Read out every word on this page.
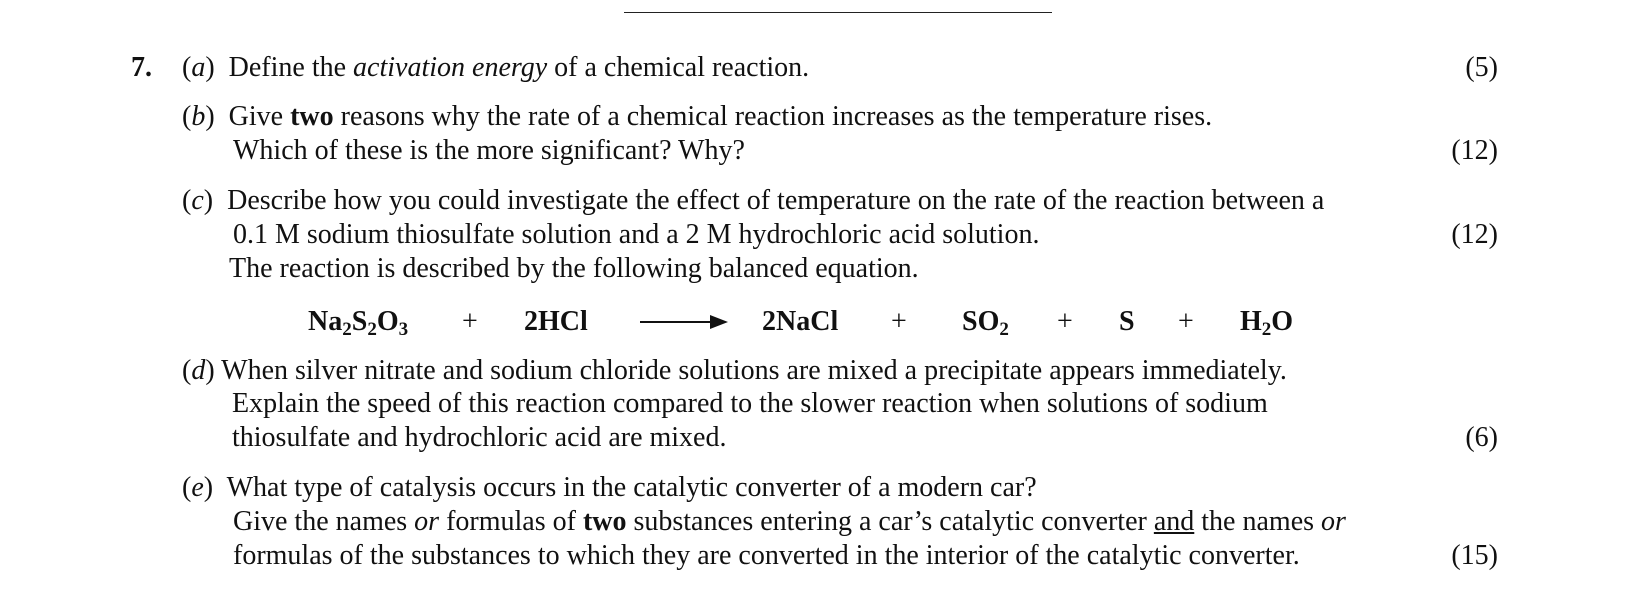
7. (a) Define the activation energy of a chemical reaction.	(5)
(b) Give two reasons why the rate of a chemical reaction increases as the temperature rises.
Which of these is the more significant? Why?	(12)
(c) Describe how you could investigate the effect of temperature on the rate of the reaction between a
0.1 M sodium thiosulfate solution and a 2 M hydrochloric acid solution.	(12)
The reaction is described by the following balanced equation.
$Na_2S_2O_3 + 2HCl$	2NaCl + $SO_2 + S + H_2O$
(d) When silver nitrate and sodium chloride solutions are mixed a precipitate appears immediately.
Explain the speed of this reaction compared to the slower reaction when solutions of sodium
thiosulfate and hydrochloric acid are mixed.	(6)
(e) What type of catalysis occurs in the catalytic converter of a modern car?
Give the names or formulas of two substances entering a car’s catalytic converter and the names or
formulas of the substances to which they are converted in the interior of the catalytic converter.	(15)
